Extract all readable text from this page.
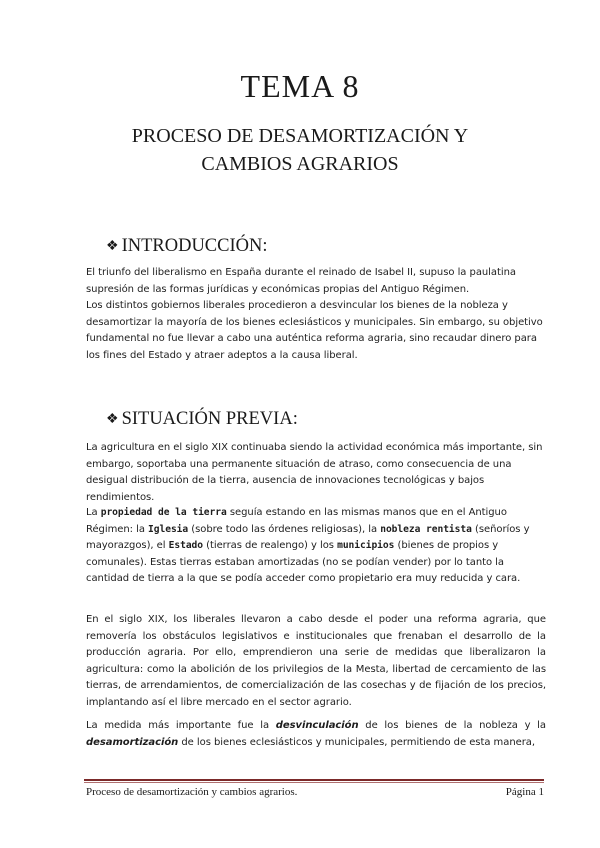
TEMA 8
PROCESO DE DESAMORTIZACIÓN Y
CAMBIOS AGRARIOS
❖ INTRODUCCIÓN:
El triunfo del liberalismo en España durante el reinado de Isabel II, supuso la paulatina supresión de las formas jurídicas y económicas propias del Antiguo Régimen.
Los distintos gobiernos liberales procedieron a desvincular los bienes de la nobleza y desamortizar la mayoría de los bienes eclesiásticos y municipales. Sin embargo, su objetivo fundamental no fue llevar a cabo una auténtica reforma agraria, sino recaudar dinero para los fines del Estado y atraer adeptos a la causa liberal.
❖ SITUACIÓN PREVIA:
La agricultura en el siglo XIX continuaba siendo la actividad económica más importante, sin embargo, soportaba una permanente situación de atraso, como consecuencia de una desigual distribución de la tierra, ausencia de innovaciones tecnológicas y bajos rendimientos.
La propiedad de la tierra seguía estando en las mismas manos que en el Antiguo Régimen: la Iglesia (sobre todo las órdenes religiosas), la nobleza rentista (señoríos y mayorazgos), el Estado (tierras de realengo) y los municipios (bienes de propios y comunales). Estas tierras estaban amortizadas (no se podían vender) por lo tanto la cantidad de tierra a la que se podía acceder como propietario era muy reducida y cara.
En el siglo XIX, los liberales llevaron a cabo desde el poder una reforma agraria, que removería los obstáculos legislativos e institucionales que frenaban el desarrollo de la producción agraria. Por ello, emprendieron una serie de medidas que liberalizaron la agricultura: como la abolición de los privilegios de la Mesta, libertad de cercamiento de las tierras, de arrendamientos, de comercialización de las cosechas y de fijación de los precios, implantando así el libre mercado en el sector agrario.
La medida más importante fue la desvinculación de los bienes de la nobleza y la desamortización de los bienes eclesiásticos y municipales, permitiendo de esta manera,
Proceso de desamortización y cambios agrarios.	Página 1
